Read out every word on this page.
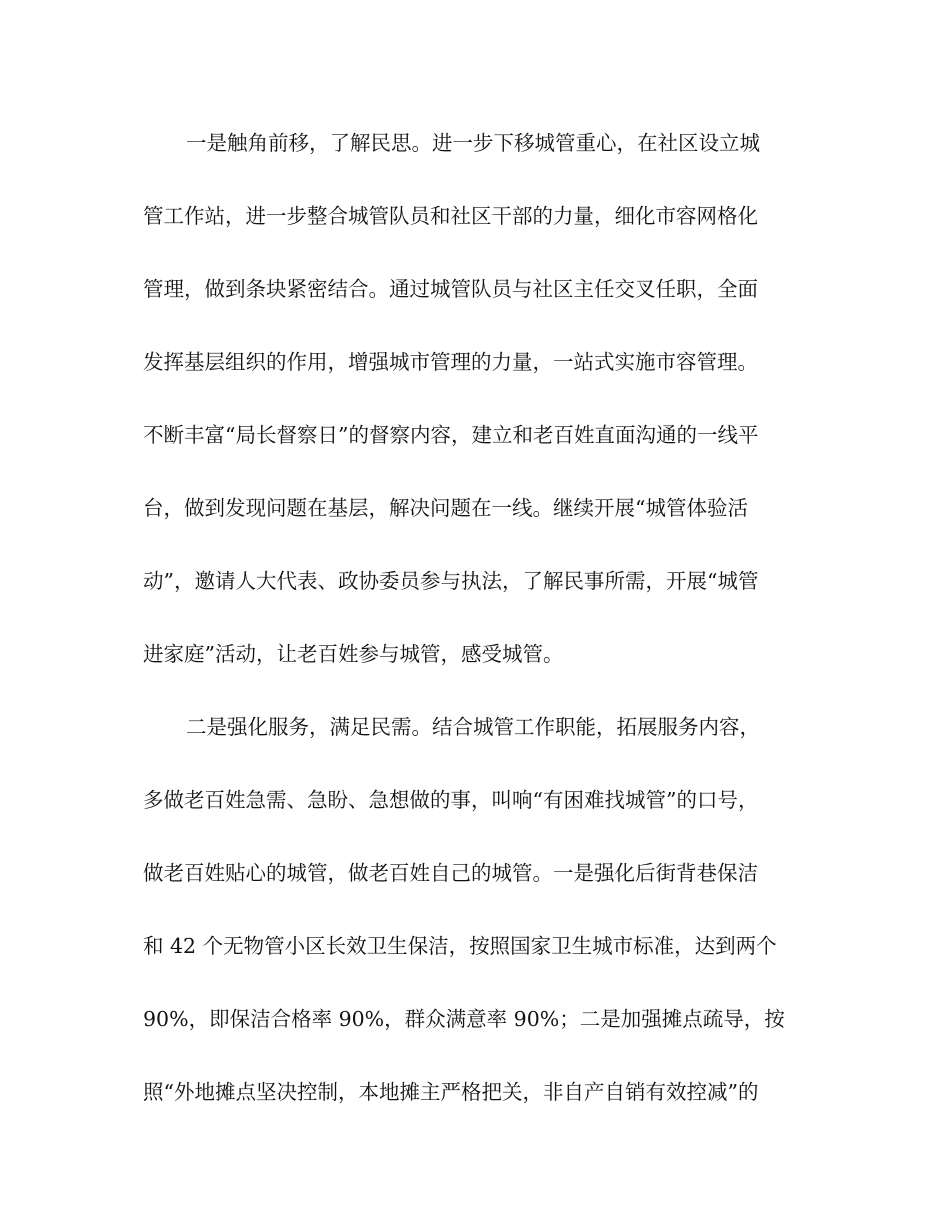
一是触角前移，了解民思。进一步下移城管重心，在社区设立城
管工作站，进一步整合城管队员和社区干部的力量，细化市容网格化
管理，做到条块紧密结合。通过城管队员与社区主任交叉任职，全面
发挥基层组织的作用，增强城市管理的力量，一站式实施市容管理。
不断丰富“局长督察日”的督察内容，建立和老百姓直面沟通的一线平
台，做到发现问题在基层，解决问题在一线。继续开展“城管体验活
动”，邀请人大代表、政协委员参与执法，了解民事所需，开展“城管
进家庭”活动，让老百姓参与城管，感受城管。
二是强化服务，满足民需。结合城管工作职能，拓展服务内容，
多做老百姓急需、急盼、急想做的事，叫响“有困难找城管”的口号，
做老百姓贴心的城管，做老百姓自己的城管。一是强化后街背巷保洁
和 42 个无物管小区长效卫生保洁，按照国家卫生城市标准，达到两个
90%，即保洁合格率 90%，群众满意率 90%；二是加强摊点疏导，按
照“外地摊点坚决控制，本地摊主严格把关，非自产自销有效控减”的
